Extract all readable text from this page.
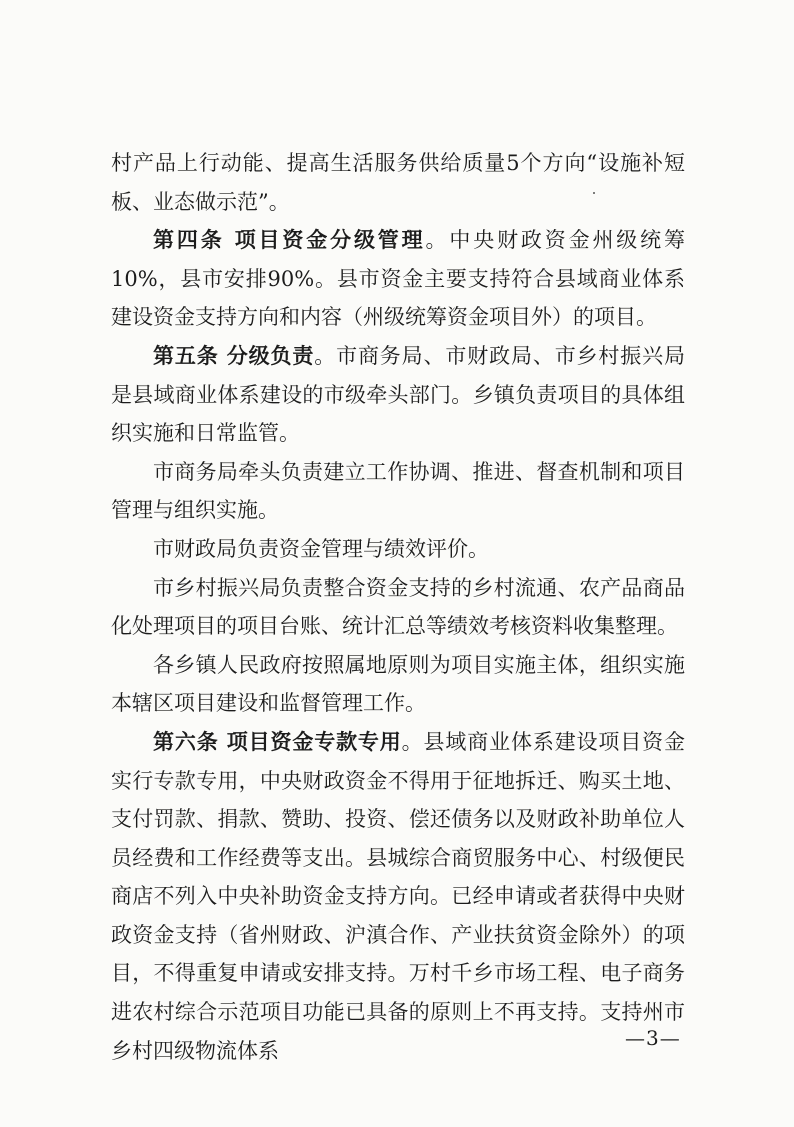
村产品上行动能、提高生活服务供给质量5个方向“设施补短板、业态做示范”。

第四条 项目资金分级管理。中央财政资金州级统筹10%，县市安排90%。县市资金主要支持符合县域商业体系建设资金支持方向和内容（州级统筹资金项目外）的项目。

第五条 分级负责。市商务局、市财政局、市乡村振兴局是县域商业体系建设的市级牵头部门。乡镇负责项目的具体组织实施和日常监管。

市商务局牵头负责建立工作协调、推进、督查机制和项目管理与组织实施。

市财政局负责资金管理与绩效评价。

市乡村振兴局负责整合资金支持的乡村流通、农产品商品化处理项目的项目台账、统计汇总等绩效考核资料收集整理。

各乡镇人民政府按照属地原则为项目实施主体，组织实施本辖区项目建设和监督管理工作。

第六条 项目资金专款专用。县域商业体系建设项目资金实行专款专用，中央财政资金不得用于征地拆迁、购买土地、支付罚款、捐款、赞助、投资、偿还债务以及财政补助单位人员经费和工作经费等支出。县城综合商贸服务中心、村级便民商店不列入中央补助资金支持方向。已经申请或者获得中央财政资金支持（省州财政、沪滇合作、产业扶贫资金除外）的项目，不得重复申请或安排支持。万村千乡市场工程、电子商务进农村综合示范项目功能已具备的原则上不再支持。支持州市乡村四级物流体系

—3—
